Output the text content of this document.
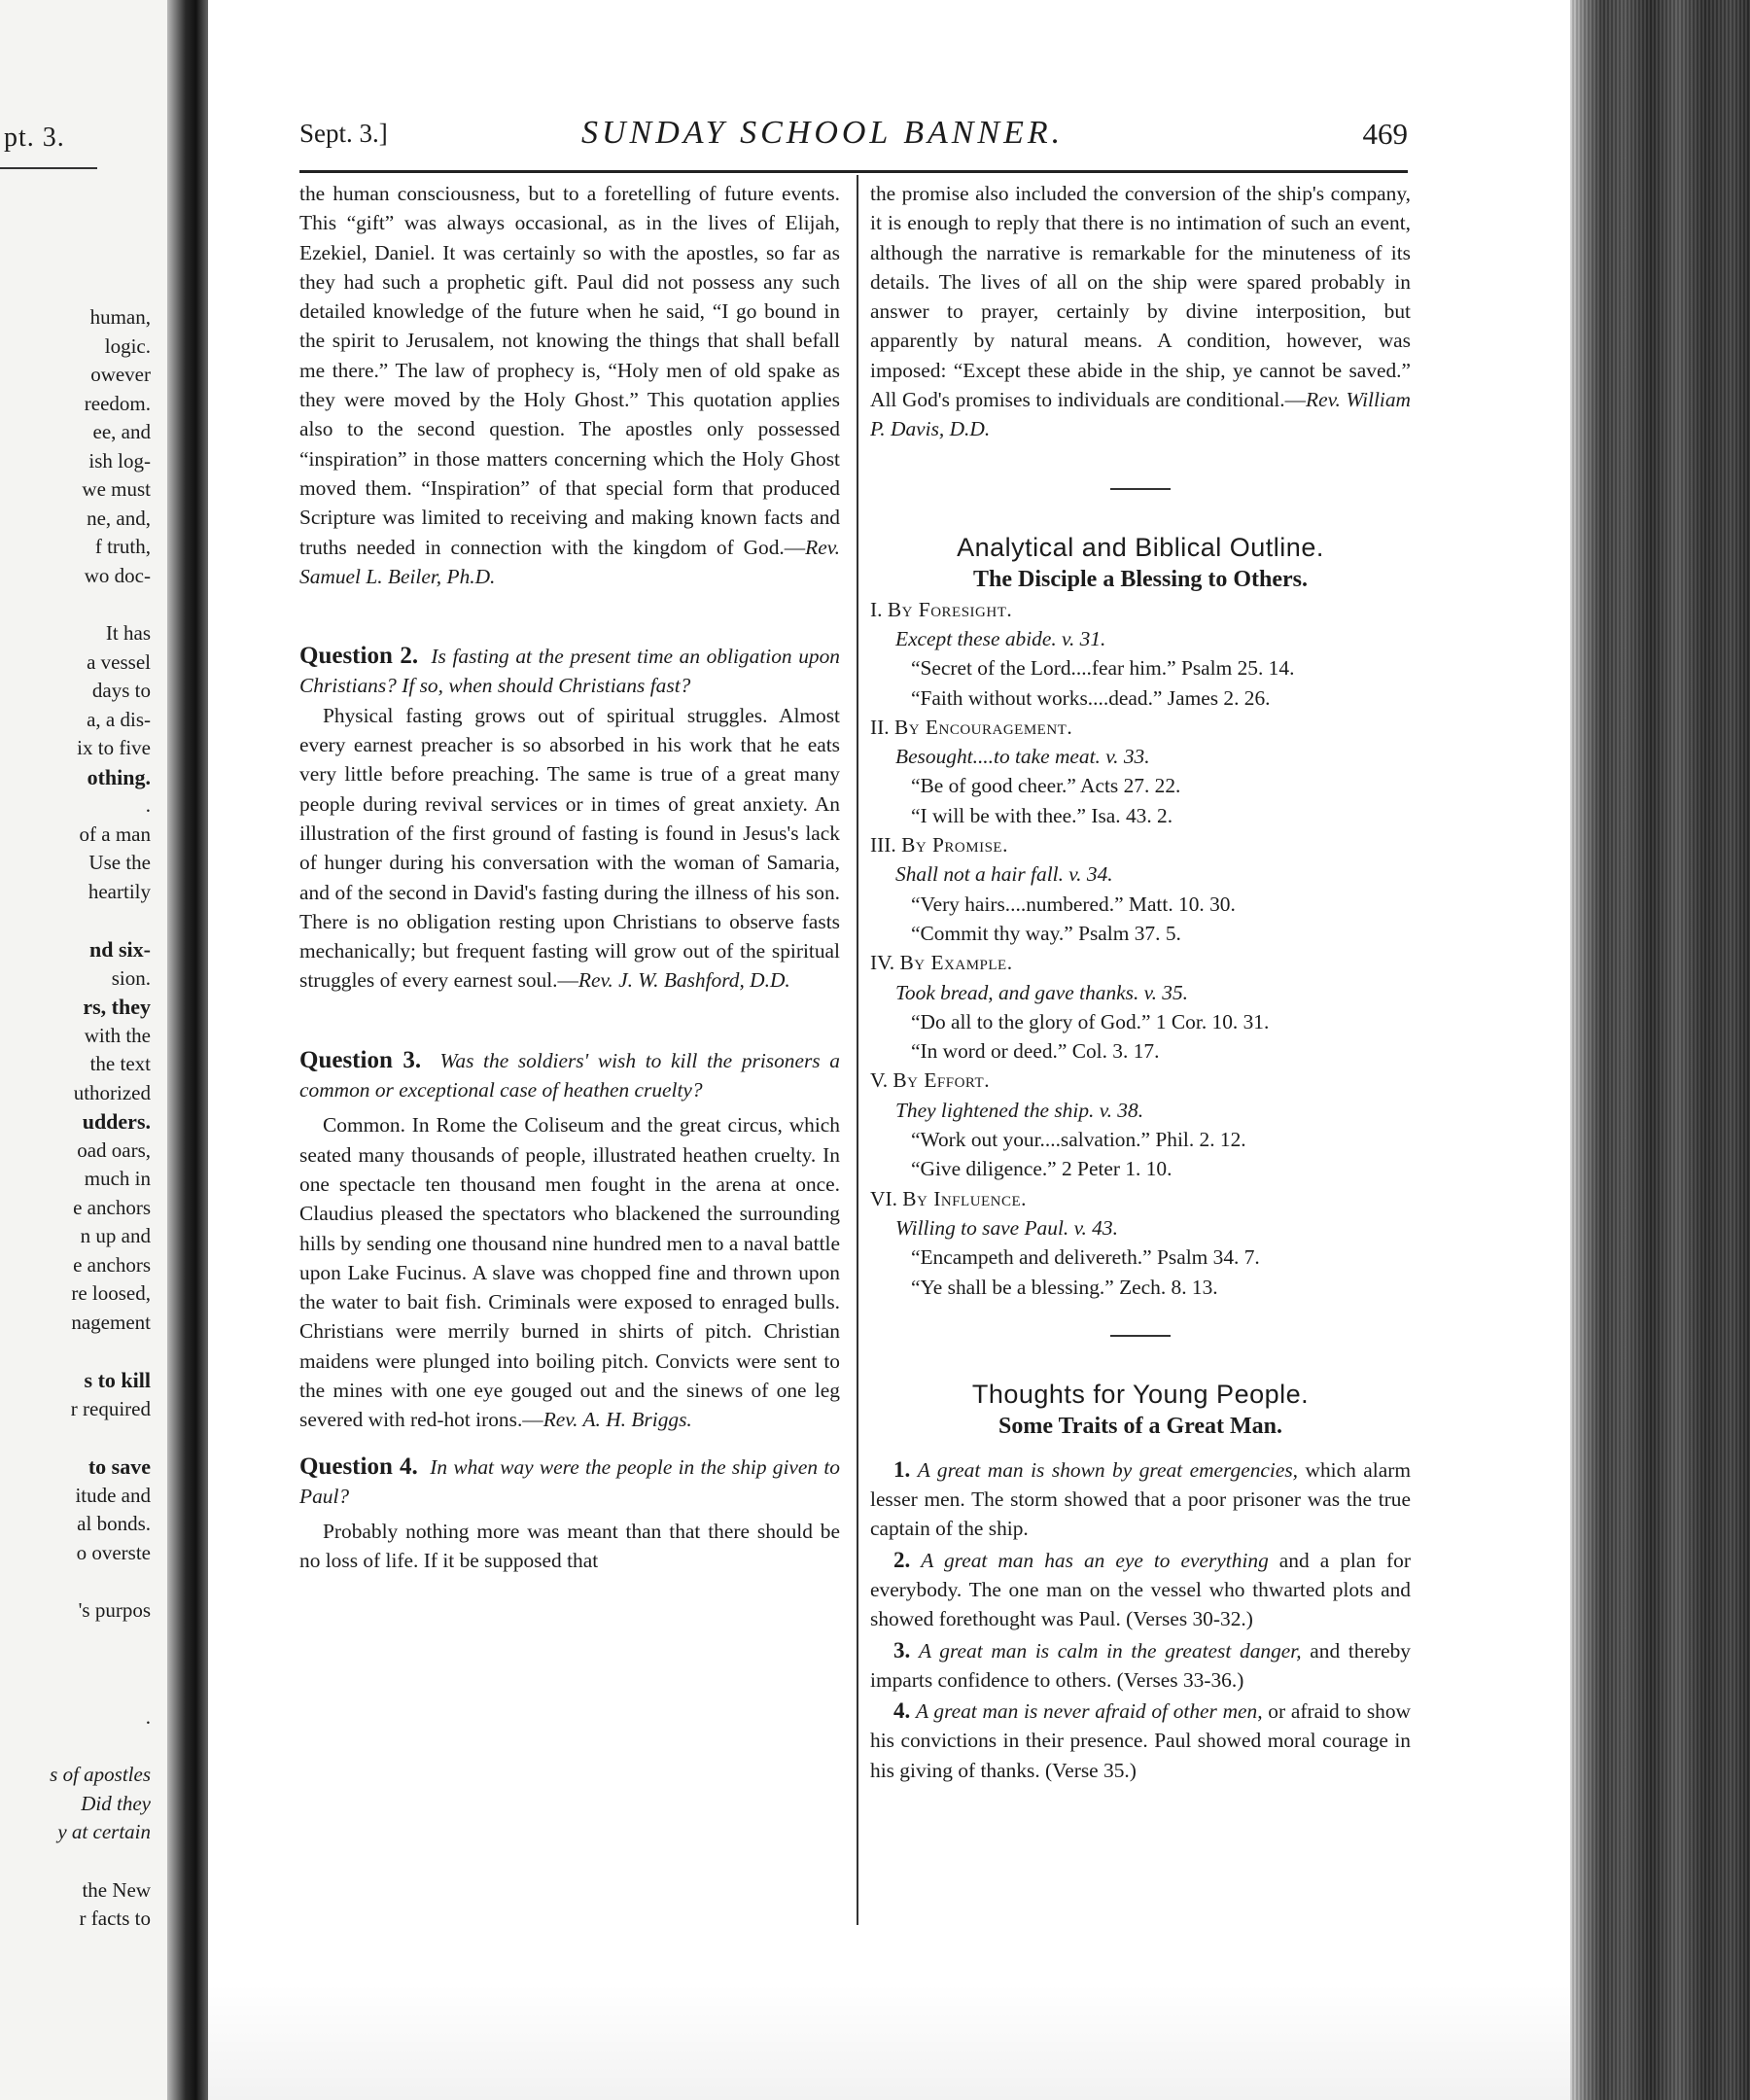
pt. 3.
human,
logic.
owever
reedom.
ee, and
ish log-
we must
ne, and,
f truth,
wo doc-
It has
a vessel
days to
a, a dis-
ix to five
othing.
.
of a man
Use the
heartily
nd six-
sion.
rs, they
with the
the text
uthorized
udders.
oad oars,
much in
e anchors
n up and
e anchors
re loosed,
nagement
s to kill
r required
to save
itude and
al bonds.
o overste
's purpos
.
s of apostles
Did they
y at certain
the New
r facts to
Sept. 3.]	SUNDAY SCHOOL BANNER.	469

the human consciousness, but to a foretelling of future events. This “gift” was always occasional, as in the lives of Elijah, Ezekiel, Daniel. It was certainly so with the apostles, so far as they had such a prophetic gift. Paul did not possess any such detailed knowledge of the future when he said, “I go bound in the spirit to Jerusalem, not knowing the things that shall befall me there.” The law of prophecy is, “Holy men of old spake as they were moved by the Holy Ghost.” This quotation applies also to the second question. The apostles only possessed “inspiration” in those matters concerning which the Holy Ghost moved them. “Inspiration” of that special form that produced Scripture was limited to receiving and making known facts and truths needed in connection with the kingdom of God.—Rev. Samuel L. Beiler, Ph.D.

Question 2. Is fasting at the present time an obligation upon Christians? If so, when should Christians fast?

Physical fasting grows out of spiritual struggles. Almost every earnest preacher is so absorbed in his work that he eats very little before preaching. The same is true of a great many people during revival services or in times of great anxiety. An illustration of the first ground of fasting is found in Jesus's lack of hunger during his conversation with the woman of Samaria, and of the second in David's fasting during the illness of his son. There is no obligation resting upon Christians to observe fasts mechanically; but frequent fasting will grow out of the spiritual struggles of every earnest soul.—Rev. J. W. Bashford, D.D.

Question 3. Was the soldiers' wish to kill the prisoners a common or exceptional case of heathen cruelty?

Common. In Rome the Coliseum and the great circus, which seated many thousands of people, illustrated heathen cruelty. In one spectacle ten thousand men fought in the arena at once. Claudius pleased the spectators who blackened the surrounding hills by sending one thousand nine hundred men to a naval battle upon Lake Fucinus. A slave was chopped fine and thrown upon the water to bait fish. Criminals were exposed to enraged bulls. Christians were merrily burned in shirts of pitch. Christian maidens were plunged into boiling pitch. Convicts were sent to the mines with one eye gouged out and the sinews of one leg severed with red-hot irons.—Rev. A. H. Briggs.

Question 4. In what way were the people in the ship given to Paul?

Probably nothing more was meant than that there should be no loss of life. If it be supposed that

the promise also included the conversion of the ship's company, it is enough to reply that there is no intimation of such an event, although the narrative is remarkable for the minuteness of its details. The lives of all on the ship were spared probably in answer to prayer, certainly by divine interposition, but apparently by natural means. A condition, however, was imposed: “Except these abide in the ship, ye cannot be saved.” All God's promises to individuals are conditional.—Rev. William P. Davis, D.D.

Analytical and Biblical Outline.

The Disciple a Blessing to Others.

I. By Foresight.
Except these abide. v. 31.
“Secret of the Lord....fear him.” Psalm 25. 14.
“Faith without works....dead.” James 2. 26.
II. By Encouragement.
Besought....to take meat. v. 33.
“Be of good cheer.” Acts 27. 22.
“I will be with thee.” Isa. 43. 2.
III. By Promise.
Shall not a hair fall. v. 34.
“Very hairs....numbered.” Matt. 10. 30.
“Commit thy way.” Psalm 37. 5.
IV. By Example.
Took bread, and gave thanks. v. 35.
“Do all to the glory of God.” 1 Cor. 10. 31.
“In word or deed.” Col. 3. 17.
V. By Effort.
They lightened the ship. v. 38.
“Work out your....salvation.” Phil. 2. 12.
“Give diligence.” 2 Peter 1. 10.
VI. By Influence.
Willing to save Paul. v. 43.
“Encampeth and delivereth.” Psalm 34. 7.
“Ye shall be a blessing.” Zech. 8. 13.

Thoughts for Young People.

Some Traits of a Great Man.

1. A great man is shown by great emergencies, which alarm lesser men. The storm showed that a poor prisoner was the true captain of the ship.

2. A great man has an eye to everything and a plan for everybody. The one man on the vessel who thwarted plots and showed forethought was Paul. (Verses 30-32.)

3. A great man is calm in the greatest danger, and thereby imparts confidence to others. (Verses 33-36.)

4. A great man is never afraid of other men, or afraid to show his convictions in their presence. Paul showed moral courage in his giving of thanks. (Verse 35.)
